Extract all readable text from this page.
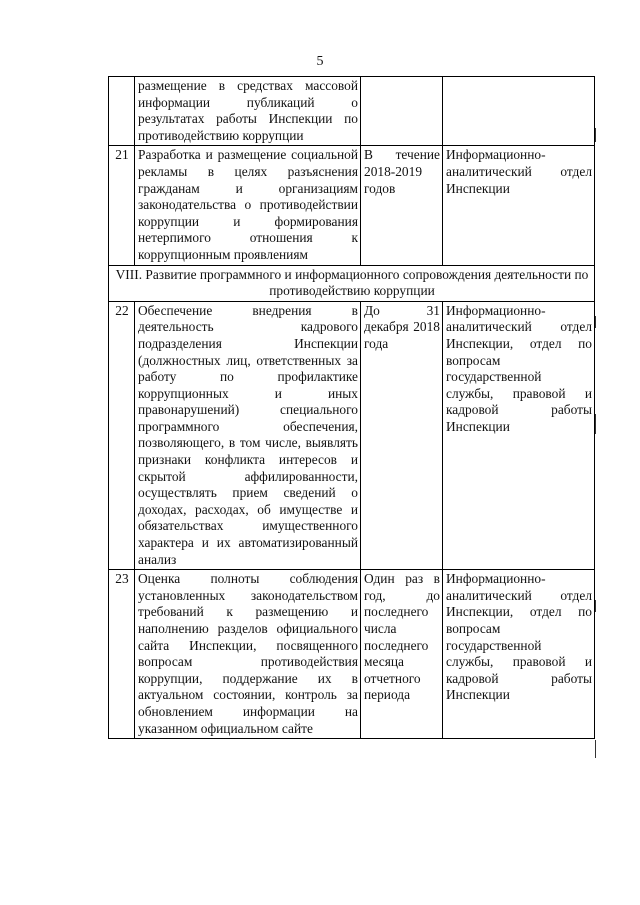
5
	размещение в средствах массовой информации публикаций о результатах работы Инспекции по противодействию коррупции		
21	Разработка и размещение социальной рекламы в целях разъяснения гражданам и организациям законодательства о противодействии коррупции и формирования нетерпимого отношения к коррупционным проявлениям	В течение 2018-2019 годов	Информационно-аналитический отдел Инспекции
VIII. Развитие программного и информационного сопровождения деятельности по противодействию коррупции			
22	Обеспечение внедрения в деятельность кадрового подразделения Инспекции (должностных лиц, ответственных за работу по профилактике коррупционных и иных правонарушений) специального программного обеспечения, позволяющего, в том числе, выявлять признаки конфликта интересов и скрытой аффилированности, осуществлять прием сведений о доходах, расходах, об имуществе и обязательствах имущественного характера и их автоматизированный анализ	До 31 декабря 2018 года	Информационно-аналитический отдел Инспекции, отдел по вопросам государственной службы, правовой и кадровой работы Инспекции
23	Оценка полноты соблюдения установленных законодательством требований к размещению и наполнению разделов официального сайта Инспекции, посвященного вопросам противодействия коррупции, поддержание их в актуальном состоянии, контроль за обновлением информации на указанном официальном сайте	Один раз в год, до последнего числа последнего месяца отчетного периода	Информационно-аналитический отдел Инспекции, отдел по вопросам государственной службы, правовой и кадровой работы Инспекции
